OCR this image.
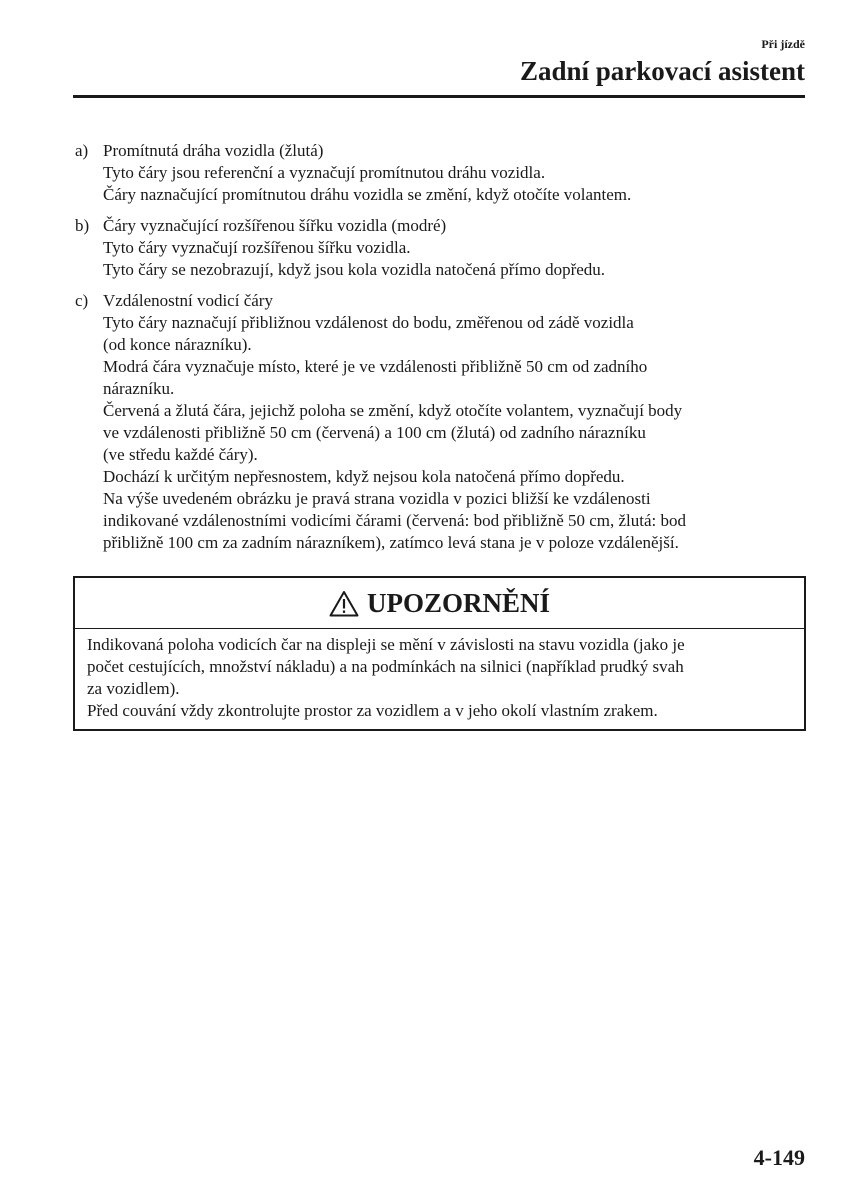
Při jízdě
Zadní parkovací asistent
a) Promítnutá dráha vozidla (žlutá)
Tyto čáry jsou referenční a vyznačují promítnutou dráhu vozidla.
Čáry naznačující promítnutou dráhu vozidla se změní, když otočíte volantem.
b) Čáry vyznačující rozšířenou šířku vozidla (modré)
Tyto čáry vyznačují rozšířenou šířku vozidla.
Tyto čáry se nezobrazují, když jsou kola vozidla natočená přímo dopředu.
c) Vzdálenostní vodicí čáry
Tyto čáry naznačují přibližnou vzdálenost do bodu, změřenou od zádě vozidla
(od konce nárazníku).
Modrá čára vyznačuje místo, které je ve vzdálenosti přibližně 50 cm od zadního
nárazníku.
Červená a žlutá čára, jejichž poloha se změní, když otočíte volantem, vyznačují body
ve vzdálenosti přibližně 50 cm (červená) a 100 cm (žlutá) od zadního nárazníku
(ve středu každé čáry).
Dochází k určitým nepřesnostem, když nejsou kola natočená přímo dopředu.
Na výše uvedeném obrázku je pravá strana vozidla v pozici bližší ke vzdálenosti
indikované vzdálenostními vodicími čárami (červená: bod přibližně 50 cm, žlutá: bod
přibližně 100 cm za zadním nárazníkem), zatímco levá stana je v poloze vzdálenější.
UPOZORNĚNÍ
Indikovaná poloha vodicích čar na displeji se mění v závislosti na stavu vozidla (jako je
počet cestujících, množství nákladu) a na podmínkách na silnici (například prudký svah
za vozidlem).
Před couvání vždy zkontrolujte prostor za vozidlem a v jeho okolí vlastním zrakem.
4-149
